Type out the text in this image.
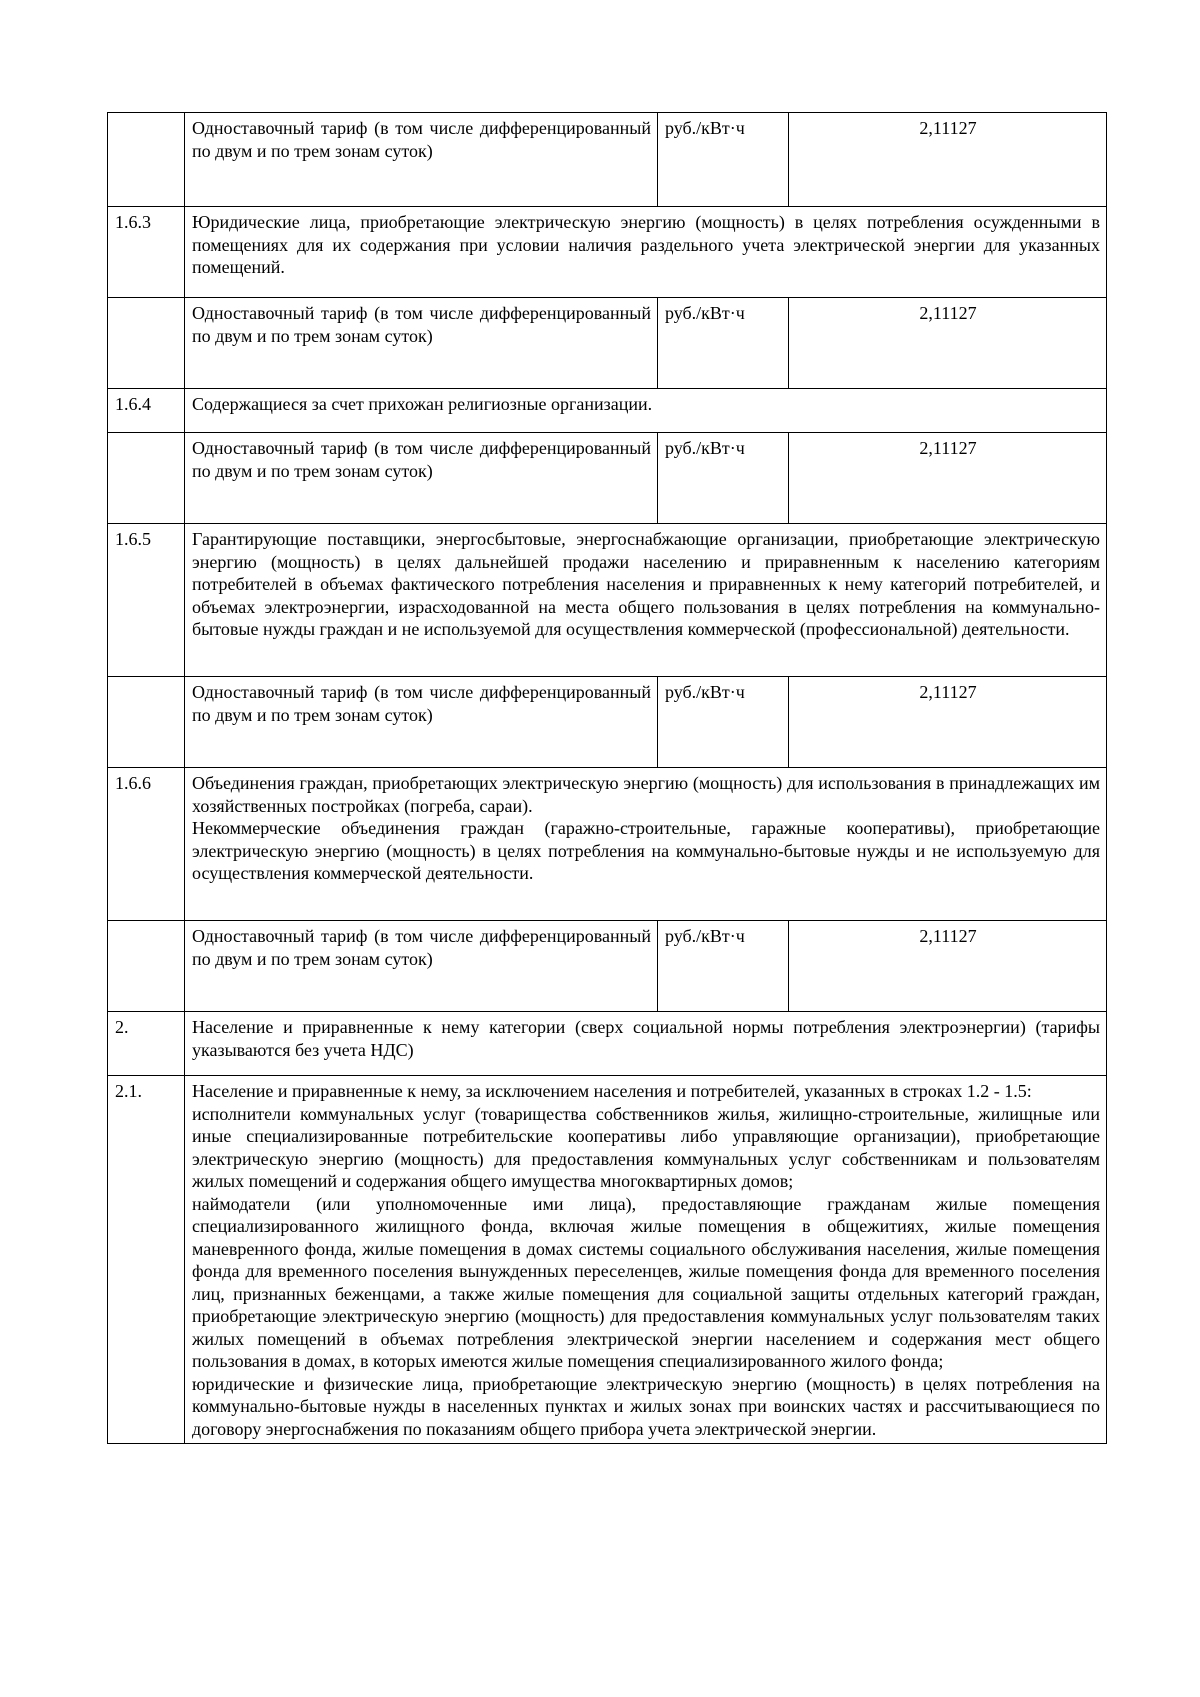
	Одноставочный тариф (в том числе дифференцированный по двум и по трем зонам суток)	руб./кВт·ч	2,11127
1.6.3	Юридические лица, приобретающие электрическую энергию (мощность) в целях потребления осужденными в помещениях для их содержания при условии наличия раздельного учета электрической энергии для указанных помещений.		

	Одноставочный тариф (в том числе дифференцированный по двум и по трем зонам суток)	руб./кВт·ч	2,11127
1.6.4	Содержащиеся за счет прихожан религиозные организации.		

	Одноставочный тариф (в том числе дифференцированный по двум и по трем зонам суток)	руб./кВт·ч	2,11127
1.6.5	Гарантирующие поставщики, энергосбытовые, энергоснабжающие организации, приобретающие электрическую энергию (мощность) в целях дальнейшей продажи населению и приравненным к населению категориям потребителей в объемах фактического потребления населения и приравненных к нему категорий потребителей, и объемах электроэнергии, израсходованной на места общего пользования в целях потребления на коммунально-бытовые нужды граждан и не используемой для осуществления коммерческой (профессиональной) деятельности.		

	Одноставочный тариф (в том числе дифференцированный по двум и по трем зонам суток)	руб./кВт·ч	2,11127
1.6.6	Объединения граждан, приобретающих электрическую энергию (мощность) для использования в принадлежащих им хозяйственных постройках (погреба, сараи).
Некоммерческие объединения граждан (гаражно-строительные, гаражные кооперативы), приобретающие электрическую энергию (мощность) в целях потребления на коммунально-бытовые нужды и не используемую для осуществления коммерческой деятельности.		

	Одноставочный тариф (в том числе дифференцированный по двум и по трем зонам суток)	руб./кВт·ч	2,11127
2.	Население и приравненные к нему категории (сверх социальной нормы потребления электроэнергии) (тарифы указываются без учета НДС)		

2.1.	Население и приравненные к нему, за исключением населения и потребителей, указанных в строках 1.2 - 1.5:
исполнители коммунальных услуг (товарищества собственников жилья, жилищно-строительные, жилищные или иные специализированные потребительские кооперативы либо управляющие организации), приобретающие электрическую энергию (мощность) для предоставления коммунальных услуг собственникам и пользователям жилых помещений и содержания общего имущества многоквартирных домов;
наймодатели (или уполномоченные ими лица), предоставляющие гражданам жилые помещения специализированного жилищного фонда, включая жилые помещения в общежитиях, жилые помещения маневренного фонда, жилые помещения в домах системы социального обслуживания населения, жилые помещения фонда для временного поселения вынужденных переселенцев, жилые помещения фонда для временного поселения лиц, признанных беженцами, а также жилые помещения для социальной защиты отдельных категорий граждан, приобретающие электрическую энергию (мощность) для предоставления коммунальных услуг пользователям таких жилых помещений в объемах потребления электрической энергии населением и содержания мест общего пользования в домах, в которых имеются жилые помещения специализированного жилого фонда;
юридические и физические лица, приобретающие электрическую энергию (мощность) в целях потребления на коммунально-бытовые нужды в населенных пунктах и жилых зонах при воинских частях и рассчитывающиеся по договору энергоснабжения по показаниям общего прибора учета электрической энергии.		
